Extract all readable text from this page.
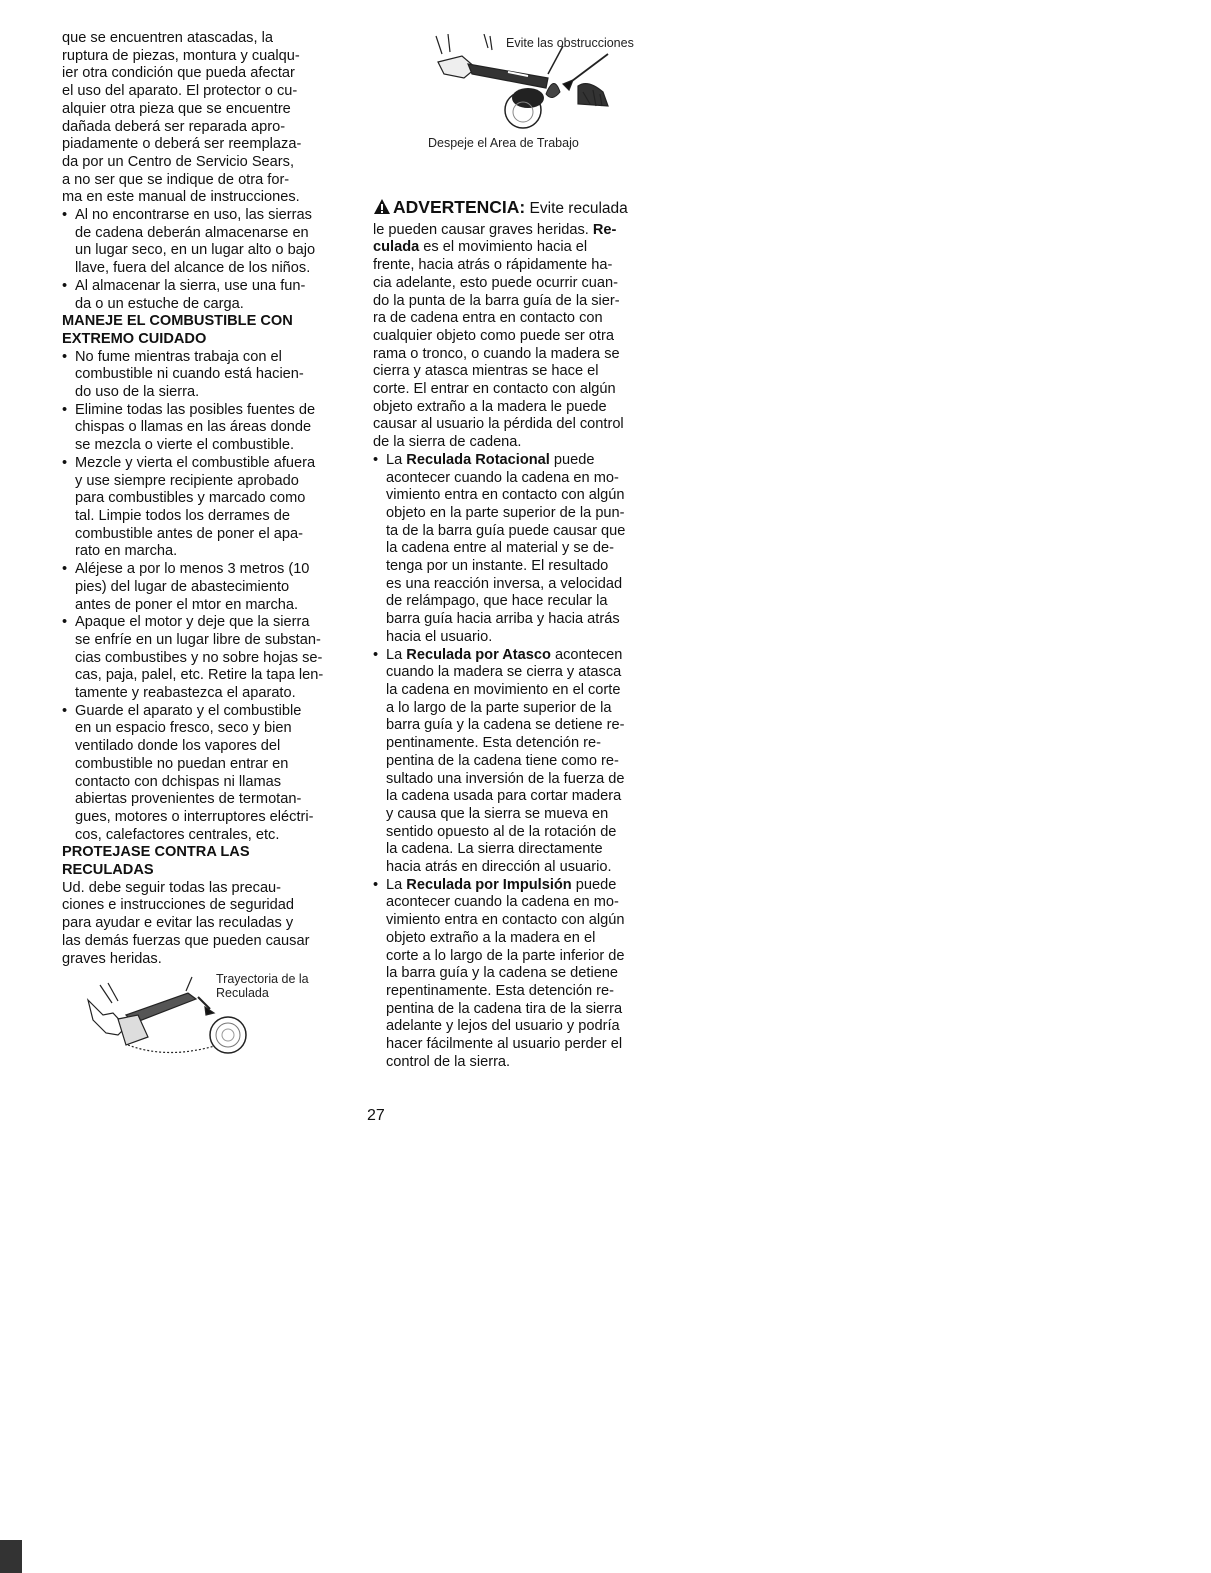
que se encuentren atascadas, la
ruptura de piezas, montura y cualqu-
ier otra condición que pueda afectar
el uso del aparato. El protector o cu-
alquier otra pieza que se encuentre
dañada deberá ser reparada apro-
piadamente o deberá ser reemplaza-
da por un Centro de Servicio Sears,
a no ser que se indique de otra for-
ma en este manual de instrucciones.
• Al no encontrarse en uso, las sierras
de cadena deberán almacenarse en
un lugar seco, en un lugar alto o bajo
llave, fuera del alcance de los niños.
• Al almacenar la sierra, use una fun-
da o un estuche de carga.
MANEJE EL COMBUSTIBLE CON
EXTREMO CUIDADO
• No fume mientras trabaja con el
combustible ni cuando está hacien-
do uso de la sierra.
• Elimine todas las posibles fuentes de
chispas o llamas en las áreas donde
se mezcla o vierte el combustible.
• Mezcle y vierta el combustible afuera
y use siempre recipiente aprobado
para combustibles y marcado como
tal. Limpie todos los derrames de
combustible antes de poner el apa-
rato en marcha.
• Aléjese a por lo menos 3 metros (10
pies) del lugar de abastecimiento
antes de poner el mtor en marcha.
• Apaque el motor y deje que la sierra
se enfríe en un lugar libre de substan-
cias combustibes y no sobre hojas se-
cas, paja, palel, etc. Retire la tapa len-
tamente y reabastezca el aparato.
• Guarde el aparato y el combustible
en un espacio fresco, seco y bien
ventilado donde los vapores del
combustible no puedan entrar en
contacto con dchispas ni llamas
abiertas provenientes de termotan-
gues, motores o interruptores eléctri-
cos, calefactores centrales, etc.
PROTEJASE CONTRA LAS
RECULADAS
Ud. debe seguir todas las precau-
ciones e instrucciones de seguridad
para ayudar e evitar las reculadas y
las demás fuerzas que pueden causar
graves heridas.
Trayectoria de la
Reculada
Evite las obstrucciones
Despeje el Area de Trabajo
ADVERTENCIA: Evite reculada
le pueden causar graves heridas. Re-
culada es el movimiento hacia el
frente, hacia atrás o rápidamente ha-
cia adelante, esto puede ocurrir cuan-
do la punta de la barra guía de la sier-
ra de cadena entra en contacto con
cualquier objeto como puede ser otra
rama o tronco, o cuando la madera se
cierra y atasca mientras se hace el
corte. El entrar en contacto con algún
objeto extraño a la madera le puede
causar al usuario la pérdida del control
de la sierra de cadena.
• La Reculada Rotacional puede
acontecer cuando la cadena en mo-
vimiento entra en contacto con algún
objeto en la parte superior de la pun-
ta de la barra guía puede causar que
la cadena entre al material y se de-
tenga por un instante. El resultado
es una reacción inversa, a velocidad
de relámpago, que hace recular la
barra guía hacia arriba y hacia atrás
hacia el usuario.
• La Reculada por Atasco acontecen
cuando la madera se cierra y atasca
la cadena en movimiento en el corte
a lo largo de la parte superior de la
barra guía y la cadena se detiene re-
pentinamente. Esta detención re-
pentina de la cadena tiene como re-
sultado una inversión de la fuerza de
la cadena usada para cortar madera
y causa que la sierra se mueva en
sentido opuesto al de la rotación de
la cadena. La sierra directamente
hacia atrás en dirección al usuario.
• La Reculada por Impulsión puede
acontecer cuando la cadena en mo-
vimiento entra en contacto con algún
objeto extraño a la madera en el
corte a lo largo de la parte inferior de
la barra guía y la cadena se detiene
repentinamente. Esta detención re-
pentina de la cadena tira de la sierra
adelante y lejos del usuario y podría
hacer fácilmente al usuario perder el
control de la sierra.
27
